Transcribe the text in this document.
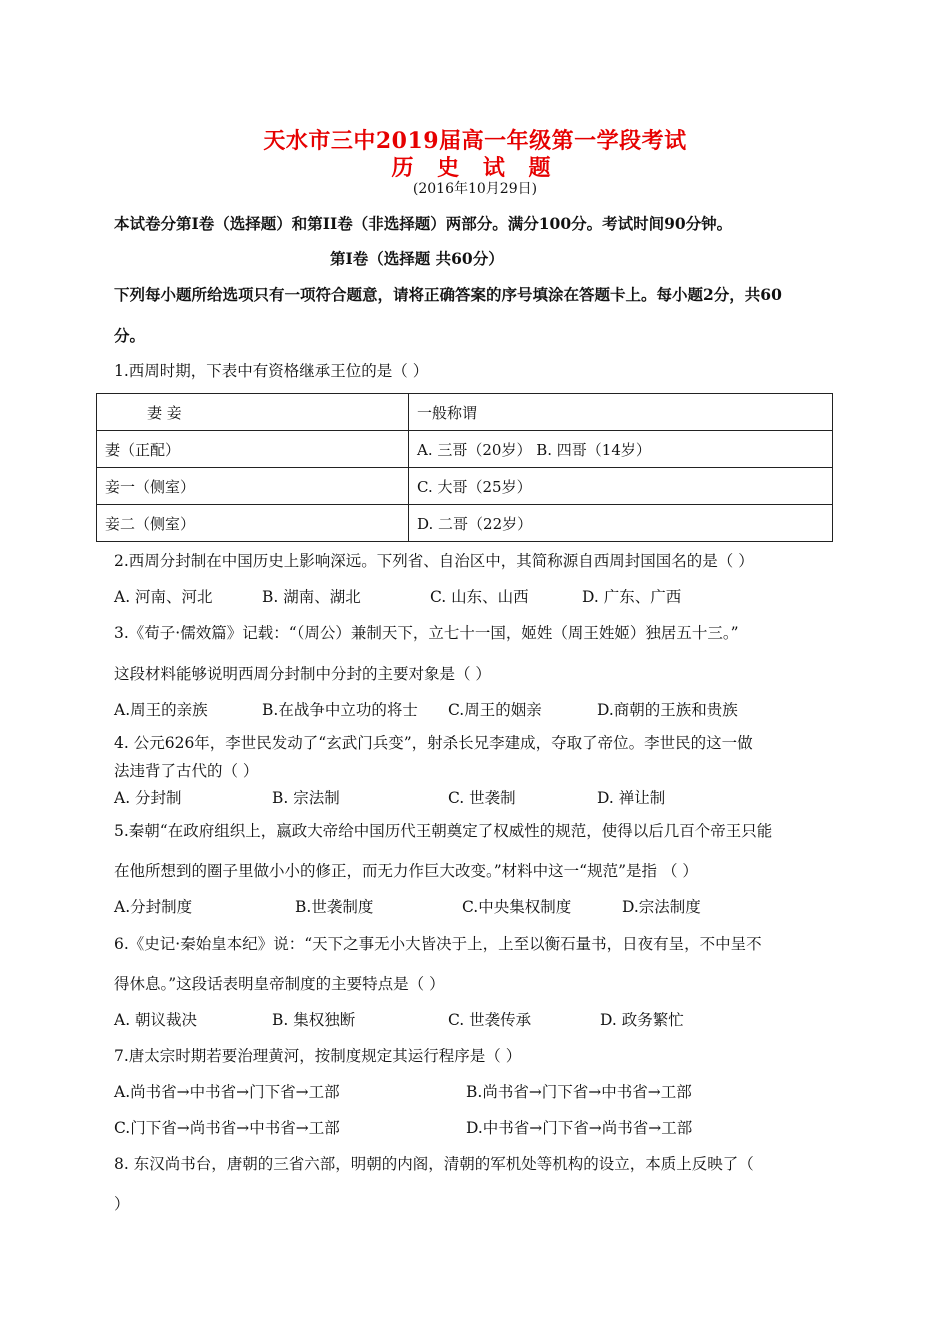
天水市三中2019届高一年级第一学段考试
历 史 试 题
(2016年10月29日)
本试卷分第Ⅰ卷（选择题）和第II卷（非选择题）两部分。满分100分。考试时间90分钟。
第Ⅰ卷（选择题 共60分）
下列每小题所给选项只有一项符合题意，请将正确答案的序号填涂在答题卡上。每小题2分，共60
分。
1.西周时期，下表中有资格继承王位的是（ ）
妻 妾	一般称谓
妻（正配）	A. 三哥（20岁） B. 四哥（14岁）
妾一（侧室）	C. 大哥（25岁）
妾二（侧室）	D. 二哥（22岁）
2.西周分封制在中国历史上影响深远。下列省、自治区中，其简称源自西周封国国名的是（ ）
A. 河南、河北	B. 湖南、湖北	C. 山东、山西	D. 广东、广西
3.《荀子·儒效篇》记载：“（周公）兼制天下，立七十一国，姬姓（周王姓姬）独居五十三。”
这段材料能够说明西周分封制中分封的主要对象是（ ）
A.周王的亲族	B.在战争中立功的将士 C.周王的姻亲	D.商朝的王族和贵族
4. 公元626年，李世民发动了“玄武门兵变”，射杀长兄李建成，夺取了帝位。李世民的这一做
法违背了古代的（ ）
A. 分封制	B. 宗法制	C. 世袭制	D. 禅让制
5.秦朝“在政府组织上，嬴政大帝给中国历代王朝奠定了权威性的规范，使得以后几百个帝王只能
在他所想到的圈子里做小小的修正，而无力作巨大改变。”材料中这一“规范”是指 （ ）
A.分封制度	B.世袭制度	C.中央集权制度	D.宗法制度
6.《史记·秦始皇本纪》说：“天下之事无小大皆决于上，上至以衡石量书，日夜有呈，不中呈不
得休息。”这段话表明皇帝制度的主要特点是（ ）
A. 朝议裁决	B. 集权独断	C. 世袭传承	D. 政务繁忙
7.唐太宗时期若要治理黄河，按制度规定其运行程序是（ ）
A.尚书省→中书省→门下省→工部	B.尚书省→门下省→中书省→工部
C.门下省→尚书省→中书省→工部	D.中书省→门下省→尚书省→工部
8. 东汉尚书台，唐朝的三省六部，明朝的内阁，清朝的军机处等机构的设立，本质上反映了（
）
